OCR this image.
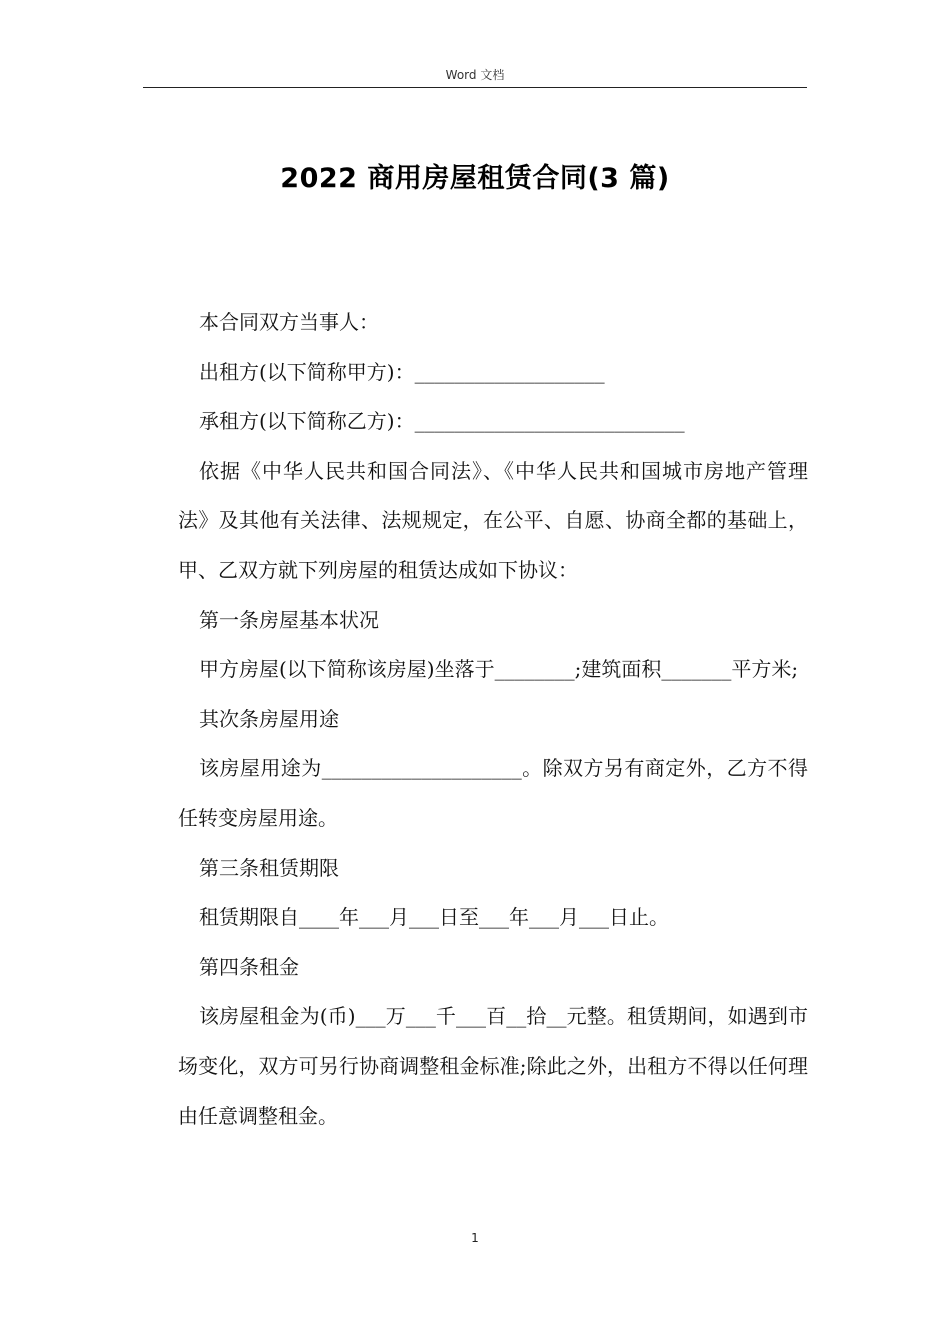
Word 文档
2022 商用房屋租赁合同(3 篇)

本合同双方当事人：

出租方(以下简称甲方)：___________________

承租方(以下简称乙方)：___________________________

依据《中华人民共和国合同法》、《中华人民共和国城市房地产管理法》及其他有关法律、法规规定，在公平、自愿、协商全都的基础上，甲、乙双方就下列房屋的租赁达成如下协议：

第一条房屋基本状况

甲方房屋(以下简称该房屋)坐落于________;建筑面积_______平方米;

其次条房屋用途

该房屋用途为____________________。除双方另有商定外，乙方不得任转变房屋用途。

第三条租赁期限

租赁期限自____年___月___日至___年___月___日止。

第四条租金

该房屋租金为(币)___万___千___百__拾__元整。租赁期间，如遇到市场变化，双方可另行协商调整租金标准;除此之外，出租方不得以任何理由任意调整租金。

1
